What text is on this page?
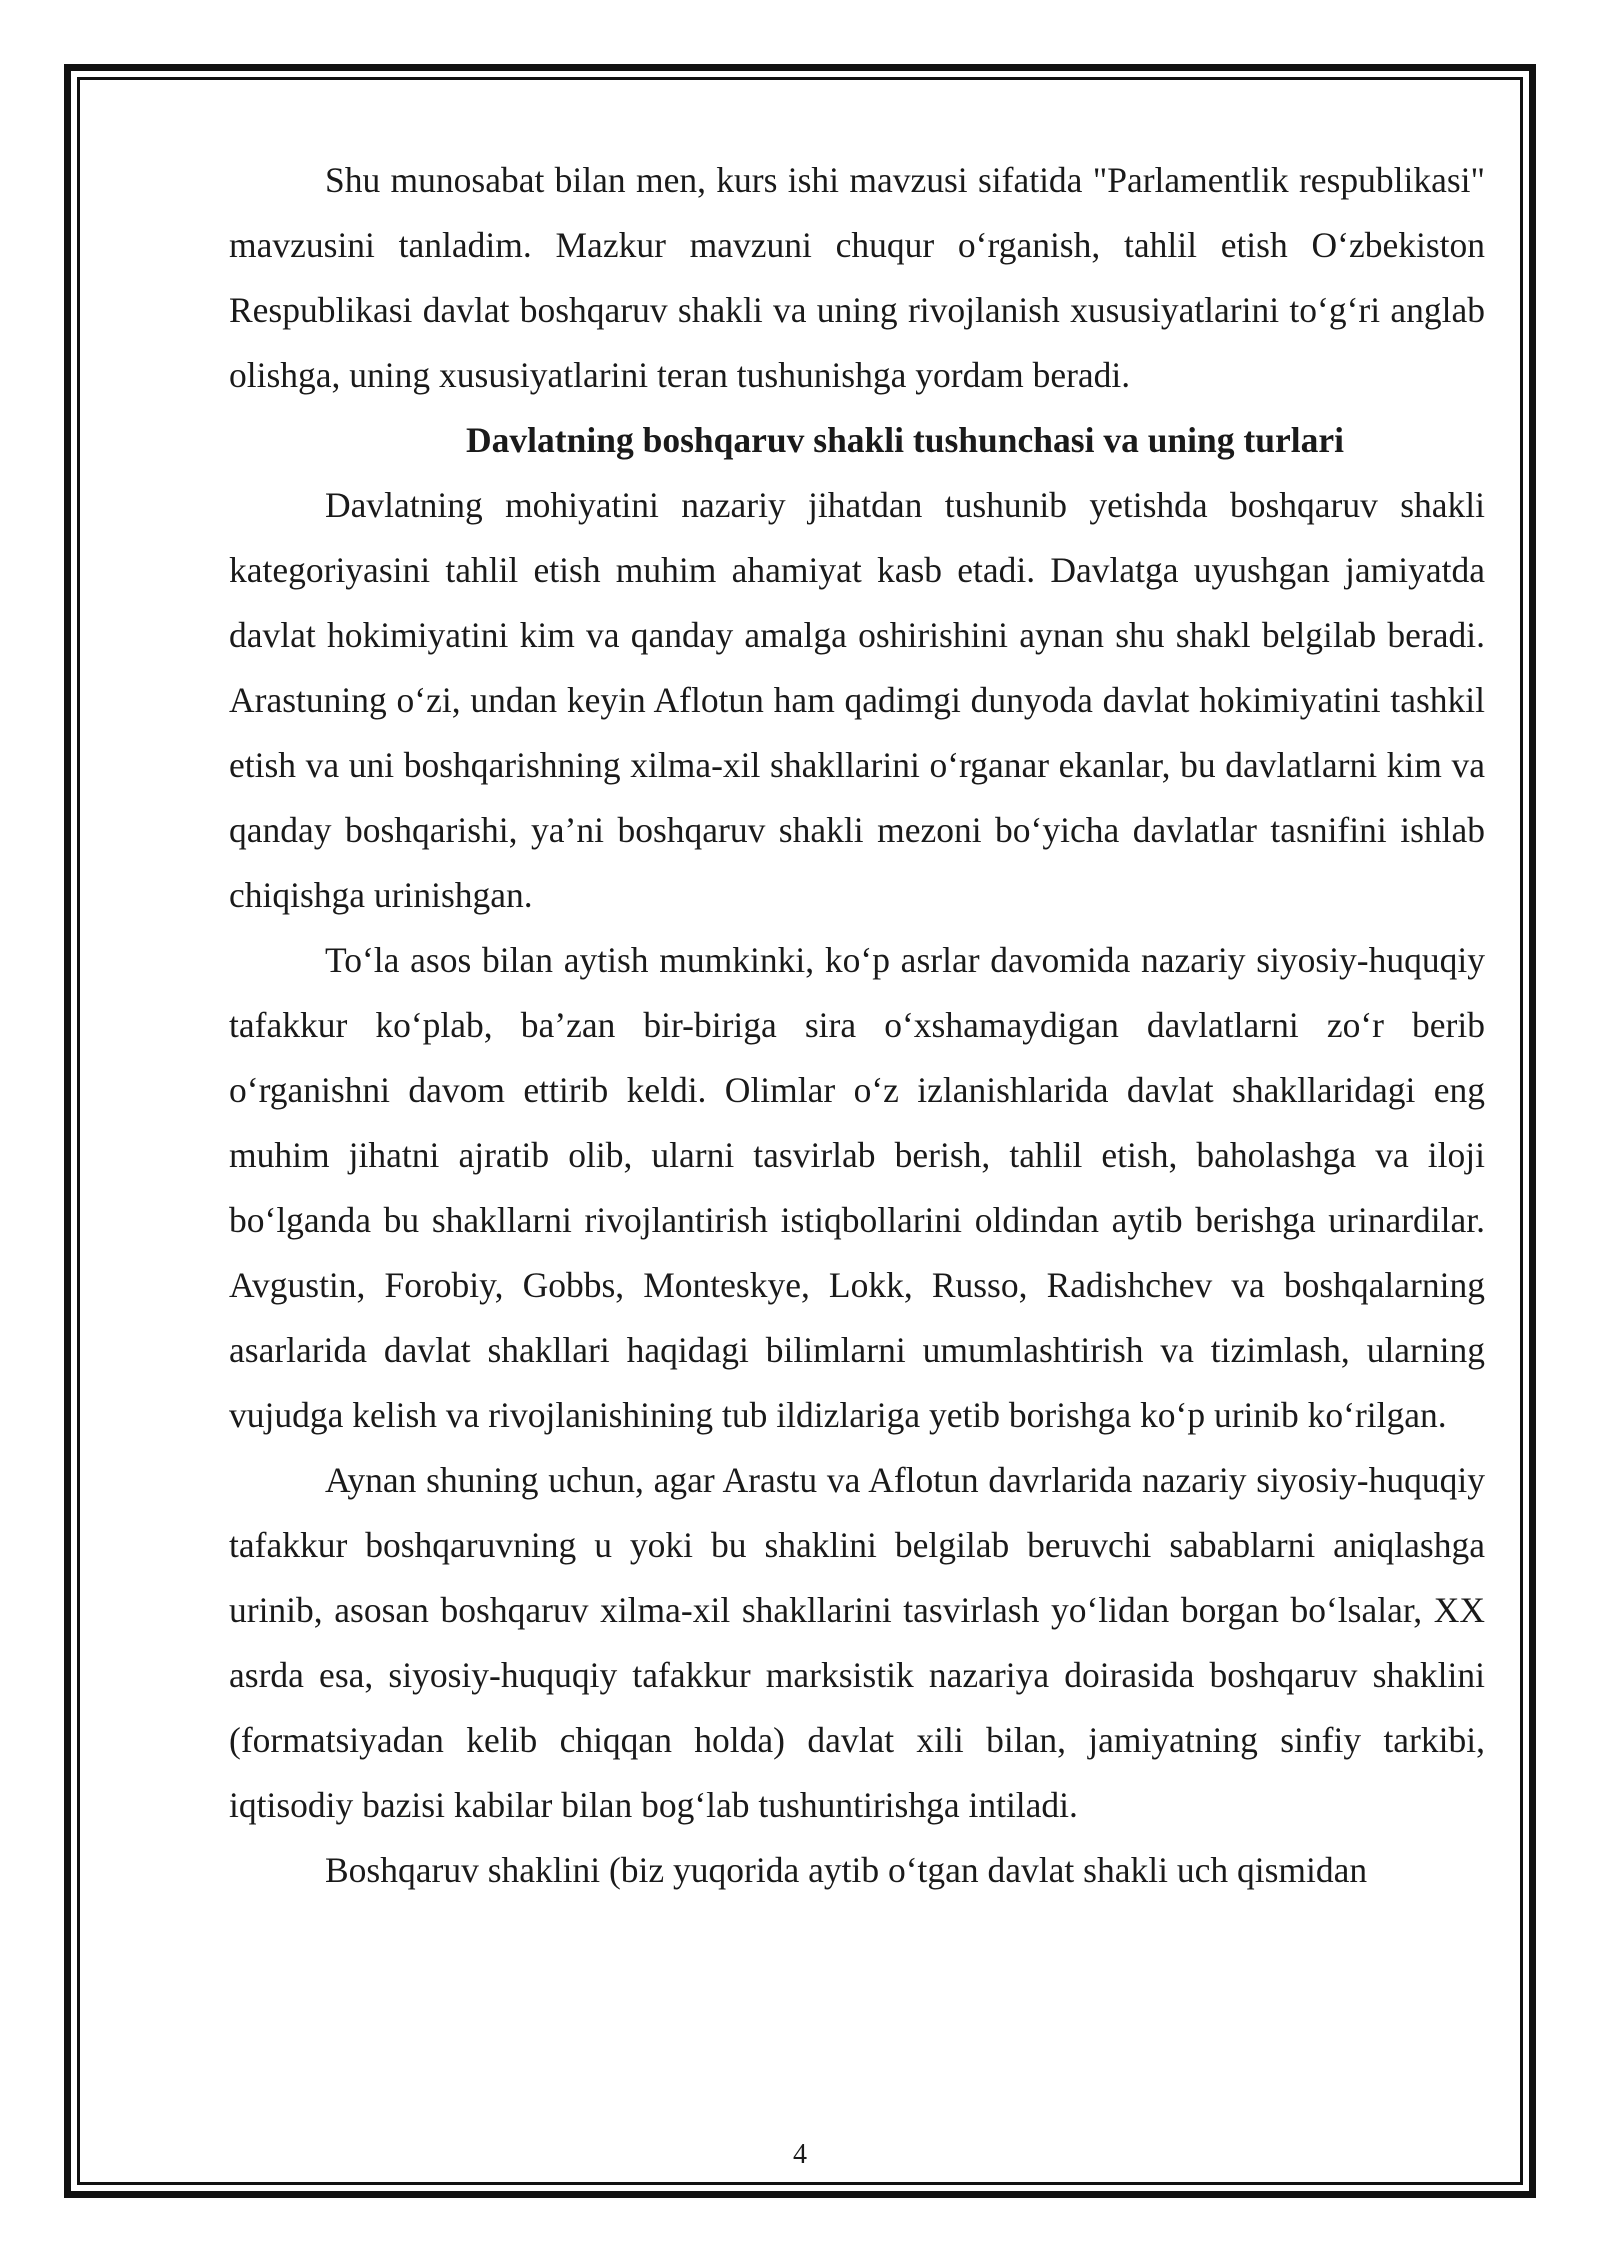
Shu munosabat bilan men, kurs ishi mavzusi sifatida "Parlamentlik respublikasi" mavzusini tanladim. Mazkur mavzuni chuqur o‘rganish, tahlil etish O‘zbekiston Respublikasi davlat boshqaruv shakli va uning rivojlanish xususiyatlarini to‘g‘ri anglab olishga, uning xususiyatlarini teran tushunishga yordam beradi.

Davlatning boshqaruv shakli tushunchasi va uning turlari

Davlatning mohiyatini nazariy jihatdan tushunib yetishda boshqaruv shakli kategoriyasini tahlil etish muhim ahamiyat kasb etadi. Davlatga uyushgan jamiyatda davlat hokimiyatini kim va qanday amalga oshirishini aynan shu shakl belgilab beradi. Arastuning o‘zi, undan keyin Aflotun ham qadimgi dunyoda davlat hokimiyatini tashkil etish va uni boshqarishning xilma-xil shakllarini o‘rganar ekanlar, bu davlatlarni kim va qanday boshqarishi, ya’ni boshqaruv shakli mezoni bo‘yicha davlatlar tasnifini ishlab chiqishga urinishgan.

To‘la asos bilan aytish mumkinki, ko‘p asrlar davomida nazariy siyosiy-huquqiy tafakkur ko‘plab, ba’zan bir-biriga sira o‘xshamaydigan davlatlarni zo‘r berib o‘rganishni davom ettirib keldi. Olimlar o‘z izlanishlarida davlat shakllaridagi eng muhim jihatni ajratib olib, ularni tasvirlab berish, tahlil etish, baholashga va iloji bo‘lganda bu shakllarni rivojlantirish istiqbollarini oldindan aytib berishga urinardilar. Avgustin, Forobiy, Gobbs, Monteskye, Lokk, Russo, Radishchev va boshqalarning asarlarida davlat shakllari haqidagi bilimlarni umumlashtirish va tizimlash, ularning vujudga kelish va rivojlanishining tub ildizlariga yetib borishga ko‘p urinib ko‘rilgan.

Aynan shuning uchun, agar Arastu va Aflotun davrlarida nazariy siyosiy-huquqiy tafakkur boshqaruvning u yoki bu shaklini belgilab beruvchi sabablarni aniqlashga urinib, asosan boshqaruv xilma-xil shakllarini tasvirlash yo‘lidan borgan bo‘lsalar, XX asrda esa, siyosiy-huquqiy tafakkur marksistik nazariya doirasida boshqaruv shaklini (formatsiyadan kelib chiqqan holda) davlat xili bilan, jamiyatning sinfiy tarkibi, iqtisodiy bazisi kabilar bilan bog‘lab tushuntirishga intiladi.

Boshqaruv shaklini (biz yuqorida aytib o‘tgan davlat shakli uch qismidan

4
